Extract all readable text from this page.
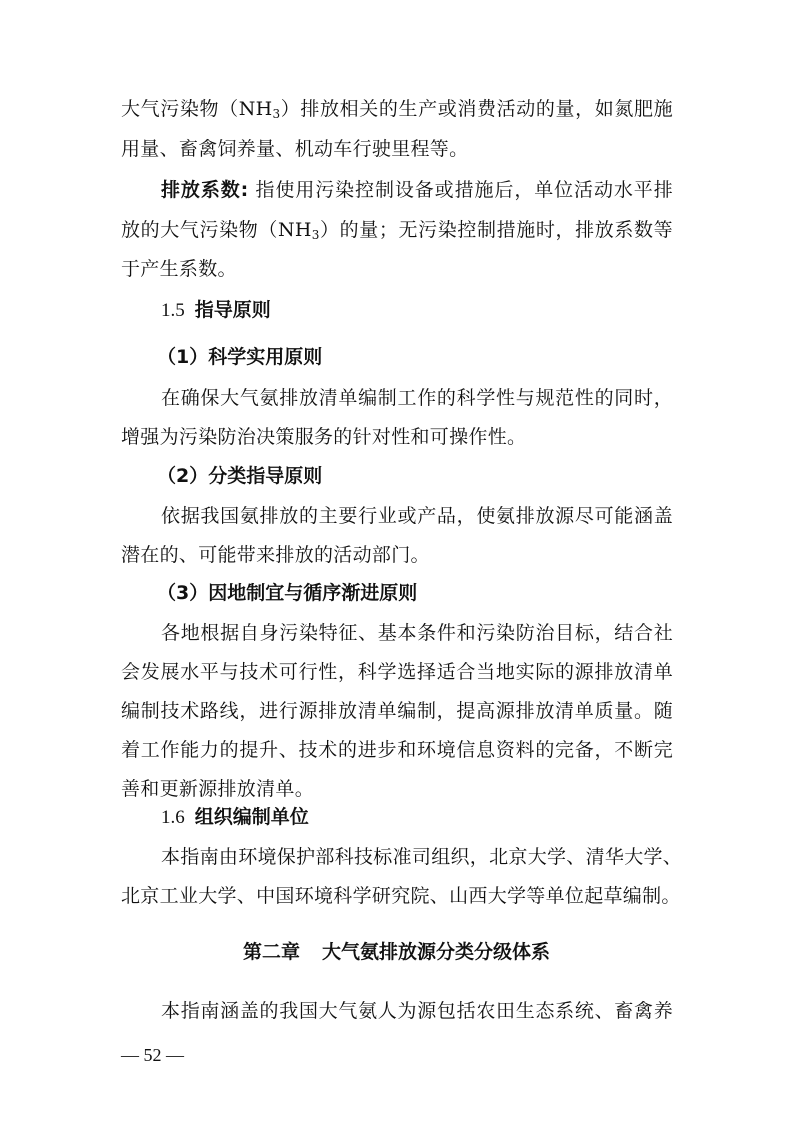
大气污染物$(NH_3)$排放相关的生产或消费活动的量，如氮肥施
用量、畜禽饲养量、机动车行驶里程等。
排放系数: 指使用污染控制设备或措施后，单位活动水平排
放的大气污染物$(NH_3)$的量；无污染控制措施时，排放系数等
于产生系数。
1.5 指导原则
（1）科学实用原则
在确保大气氨排放清单编制工作的科学性与规范性的同时，
增强为污染防治决策服务的针对性和可操作性。
（2）分类指导原则
依据我国氨排放的主要行业或产品，使氨排放源尽可能涵盖
潜在的、可能带来排放的活动部门。
（3）因地制宜与循序渐进原则
各地根据自身污染特征、基本条件和污染防治目标，结合社
会发展水平与技术可行性，科学选择适合当地实际的源排放清单
编制技术路线，进行源排放清单编制，提高源排放清单质量。随
着工作能力的提升、技术的进步和环境信息资料的完备，不断完
善和更新源排放清单。
1.6 组织编制单位
本指南由环境保护部科技标准司组织，北京大学、清华大学、
北京工业大学、中国环境科学研究院、山西大学等单位起草编制。
第二章 大气氨排放源分类分级体系
本指南涵盖的我国大气氨人为源包括农田生态系统、畜禽养
— 52 —
